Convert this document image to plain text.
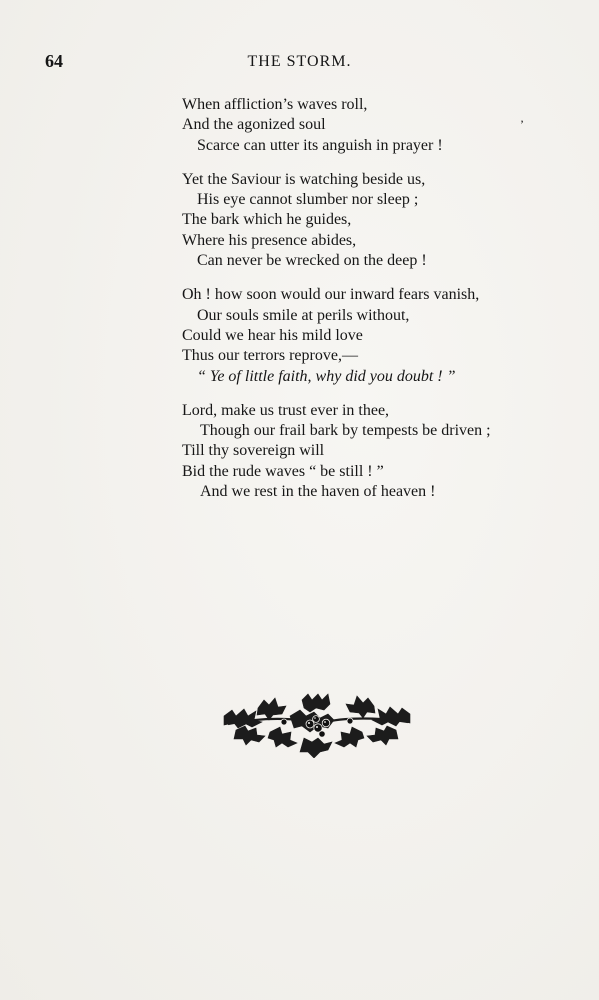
64	THE STORM.
’
When affliction’s waves roll,
And the agonized soul
Scarce can utter its anguish in prayer !
Yet the Saviour is watching beside us,
His eye cannot slumber nor sleep ;
The bark which he guides,
Where his presence abides,
Can never be wrecked on the deep !
Oh ! how soon would our inward fears vanish,
Our souls smile at perils without,
Could we hear his mild love
Thus our terrors reprove,—
“ Ye of little faith, why did you doubt ! ”
Lord, make us trust ever in thee,
Though our frail bark by tempests be driven ;
Till thy sovereign will
Bid the rude waves “ be still ! ”
And we rest in the haven of heaven !
